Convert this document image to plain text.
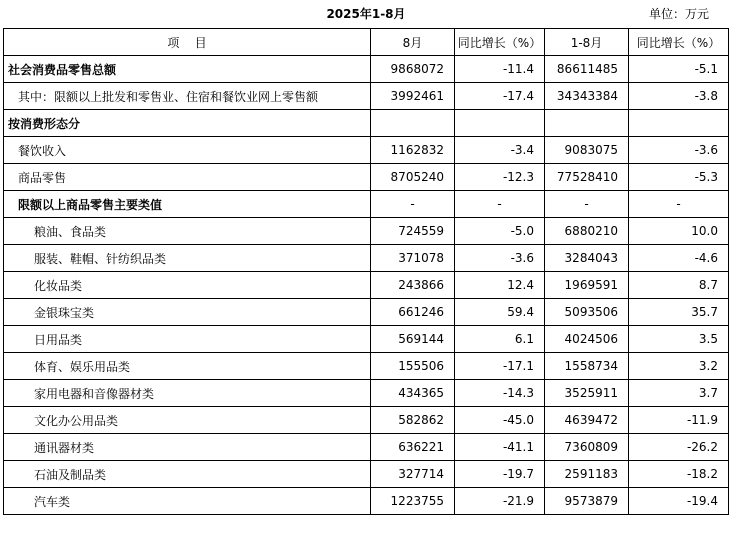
2025年1-8月	单位：万元
项    目	8月	同比增长（%）	1-8月	同比增长（%）
社会消费品零售总额	9868072	-11.4	86611485	-5.1
其中：限额以上批发和零售业、住宿和餐饮业网上零售额	3992461	-17.4	34343384	-3.8
按消费形态分				
餐饮收入	1162832	-3.4	9083075	-3.6
商品零售	8705240	-12.3	77528410	-5.3
限额以上商品零售主要类值	-	-	-	-
粮油、食品类	724559	-5.0	6880210	10.0
服装、鞋帽、针纺织品类	371078	-3.6	3284043	-4.6
化妆品类	243866	12.4	1969591	8.7
金银珠宝类	661246	59.4	5093506	35.7
日用品类	569144	6.1	4024506	3.5
体育、娱乐用品类	155506	-17.1	1558734	3.2
家用电器和音像器材类	434365	-14.3	3525911	3.7
文化办公用品类	582862	-45.0	4639472	-11.9
通讯器材类	636221	-41.1	7360809	-26.2
石油及制品类	327714	-19.7	2591183	-18.2
汽车类	1223755	-21.9	9573879	-19.4
